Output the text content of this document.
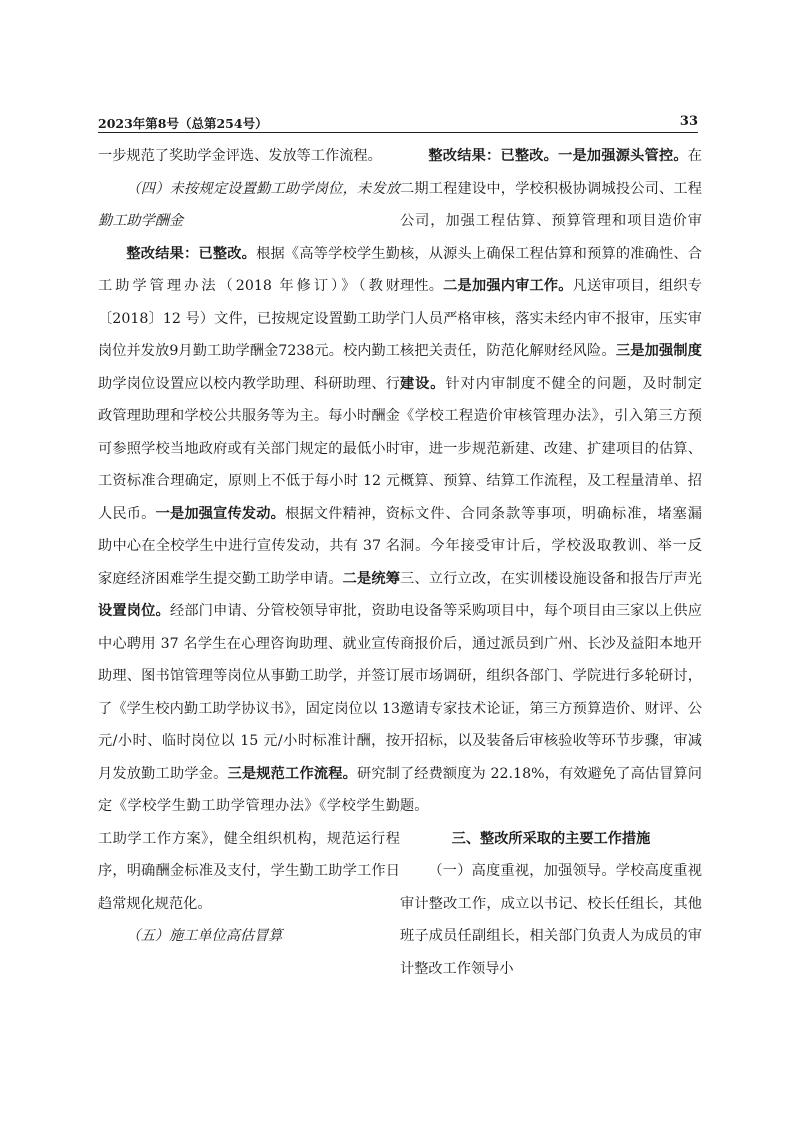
2023年第8号（总第254号）	33

一步规范了奖助学金评选、发放等工作流程。

（四）未按规定设置勤工助学岗位，未发放勤工助学酬金

整改结果：已整改。根据《高等学校学生勤工助学管理办法（2018 年修订）》（教财〔2018〕12 号）文件，已按规定设置勤工助学岗位并发放9月勤工助学酬金7238元。校内勤工助学岗位设置应以校内教学助理、科研助理、行政管理助理和学校公共服务等为主。每小时酬金可参照学校当地政府或有关部门规定的最低小时工资标准合理确定，原则上不低于每小时 12 元人民币。一是加强宣传发动。根据文件精神，资助中心在全校学生中进行宣传发动，共有 37 名家庭经济困难学生提交勤工助学申请。二是统筹设置岗位。经部门申请、分管校领导审批，资助中心聘用 37 名学生在心理咨询助理、就业宣传助理、图书馆管理等岗位从事勤工助学，并签订了《学生校内勤工助学协议书》，固定岗位以 13 元/小时、临时岗位以 15 元/小时标准计酬，按月发放勤工助学金。三是规范工作流程。研究制定《学校学生勤工助学管理办法》《学校学生勤工助学工作方案》，健全组织机构，规范运行程序，明确酬金标准及支付，学生勤工助学工作日趋常规化规范化。

（五）施工单位高估冒算

整改结果：已整改。一是加强源头管控。在二期工程建设中，学校积极协调城投公司、工程公司，加强工程估算、预算管理和项目造价审核，从源头上确保工程估算和预算的准确性、合理性。二是加强内审工作。凡送审项目，组织专门人员严格审核，落实未经内审不报审，压实审核把关责任，防范化解财经风险。三是加强制度建设。针对内审制度不健全的问题，及时制定《学校工程造价审核管理办法》，引入第三方预审，进一步规范新建、改建、扩建项目的估算、概算、预算、结算工作流程，及工程量清单、招标文件、合同条款等事项，明确标准，堵塞漏洞。今年接受审计后，学校汲取教训、举一反三、立行立改，在实训楼设施设备和报告厅声光电设备等采购项目中，每个项目由三家以上供应商报价后，通过派员到广州、长沙及益阳本地开展市场调研，组织各部门、学院进行多轮研讨，邀请专家技术论证，第三方预算造价、财评、公开招标，以及装备后审核验收等环节步骤，审减了经费额度为 22.18%，有效避免了高估冒算问题。

三、整改所采取的主要工作措施

（一）高度重视，加强领导。学校高度重视审计整改工作，成立以书记、校长任组长，其他班子成员任副组长，相关部门负责人为成员的审计整改工作领导小
